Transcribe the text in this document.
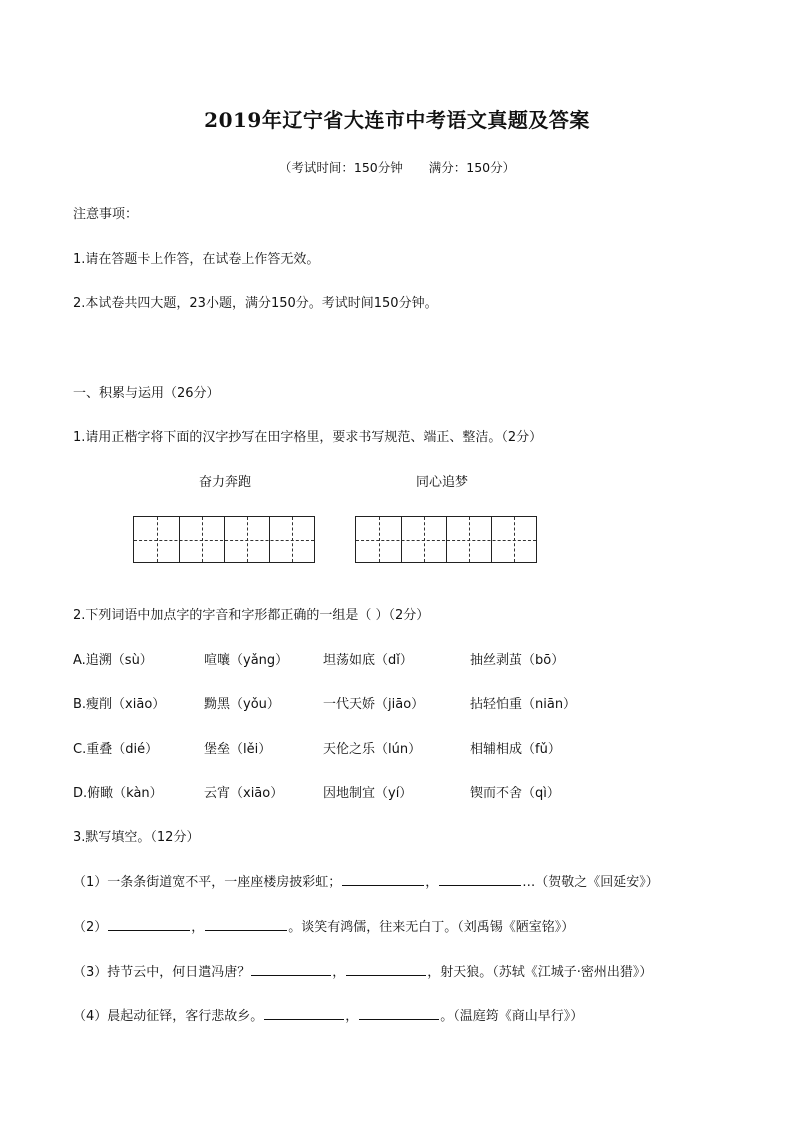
2019年辽宁省大连市中考语文真题及答案
（考试时间：150分钟 满分：150分）
注意事项：
1.请在答题卡上作答，在试卷上作答无效。
2.本试卷共四大题，23小题，满分150分。考试时间150分钟。
一、积累与运用（26分）
1.请用正楷字将下面的汉字抄写在田字格里，要求书写规范、端正、整洁。（2分）
奋力奔跑	同心追梦
2.下列词语中加点字的字音和字形都正确的一组是（ ）（2分）
A.追溯（sù）	喧嚷（yǎng）	坦荡如底（dǐ）	抽丝剥茧（bō）
B.瘦削（xiāo）	黝黑（yǒu）	一代天娇（jiāo）	拈轻怕重（niān）
C.重叠（dié）	堡垒（lěi）	天伦之乐（lún）	相辅相成（fǔ）
D.俯瞰（kàn）	云宵（xiāo）	因地制宜（yí）	锲而不舍（qì）
3.默写填空。（12分）
（1）一条条街道宽不平，一座座楼房披彩虹；	，	…（贺敬之《回延安》）
（2）	，	。谈笑有鸿儒，往来无白丁。（刘禹锡《陋室铭》）
（3）持节云中，何日遣冯唐？	，	，射天狼。（苏轼《江城子·密州出猎》）
（4）晨起动征铎，客行悲故乡。	，	。（温庭筠《商山早行》）
